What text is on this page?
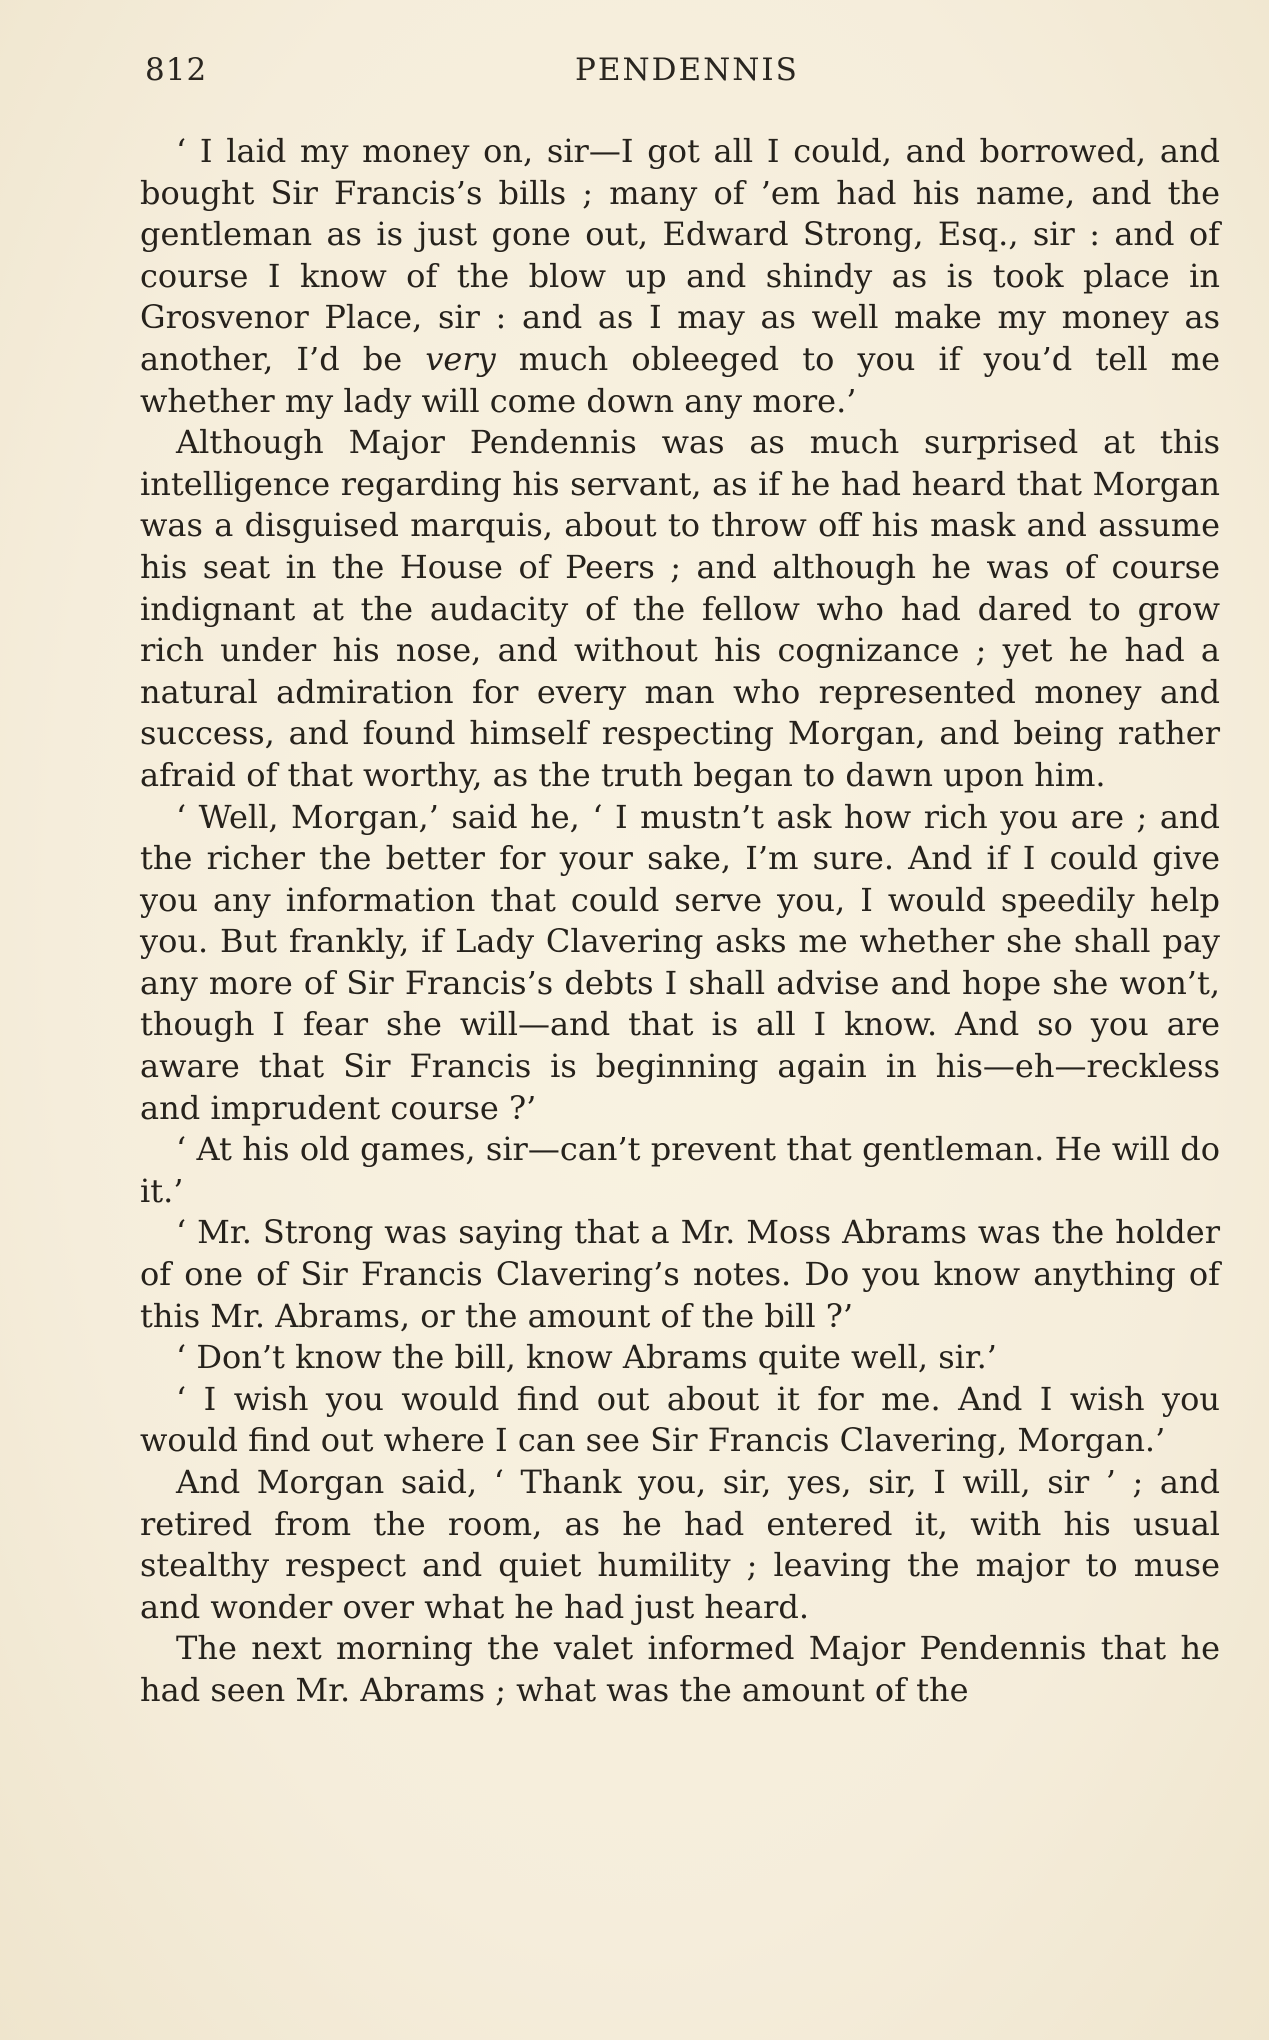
812	PENDENNIS

‘ I laid my money on, sir—I got all I could, and borrowed, and bought Sir Francis’s bills ; many of ’em had his name, and the gentleman as is just gone out, Edward Strong, Esq., sir : and of course I know of the blow up and shindy as is took place in Grosvenor Place, sir : and as I may as well make my money as another, I’d be very much obleeged to you if you’d tell me whether my lady will come down any more.’

Although Major Pendennis was as much surprised at this intelligence regarding his servant, as if he had heard that Morgan was a disguised marquis, about to throw off his mask and assume his seat in the House of Peers ; and although he was of course indignant at the audacity of the fellow who had dared to grow rich under his nose, and without his cognizance ; yet he had a natural admiration for every man who represented money and success, and found himself respecting Morgan, and being rather afraid of that worthy, as the truth began to dawn upon him.

‘ Well, Morgan,’ said he, ‘ I mustn’t ask how rich you are ; and the richer the better for your sake, I’m sure. And if I could give you any information that could serve you, I would speedily help you. But frankly, if Lady Clavering asks me whether she shall pay any more of Sir Francis’s debts I shall advise and hope she won’t, though I fear she will—and that is all I know. And so you are aware that Sir Francis is beginning again in his—eh—reckless and imprudent course ?’

‘ At his old games, sir—can’t prevent that gentleman. He will do it.’

‘ Mr. Strong was saying that a Mr. Moss Abrams was the holder of one of Sir Francis Clavering’s notes. Do you know anything of this Mr. Abrams, or the amount of the bill ?’

‘ Don’t know the bill, know Abrams quite well, sir.’

‘ I wish you would find out about it for me. And I wish you would find out where I can see Sir Francis Clavering, Morgan.’

And Morgan said, ‘ Thank you, sir, yes, sir, I will, sir ’ ; and retired from the room, as he had entered it, with his usual stealthy respect and quiet humility ; leaving the major to muse and wonder over what he had just heard.

The next morning the valet informed Major Pendennis that he had seen Mr. Abrams ; what was the amount of the
